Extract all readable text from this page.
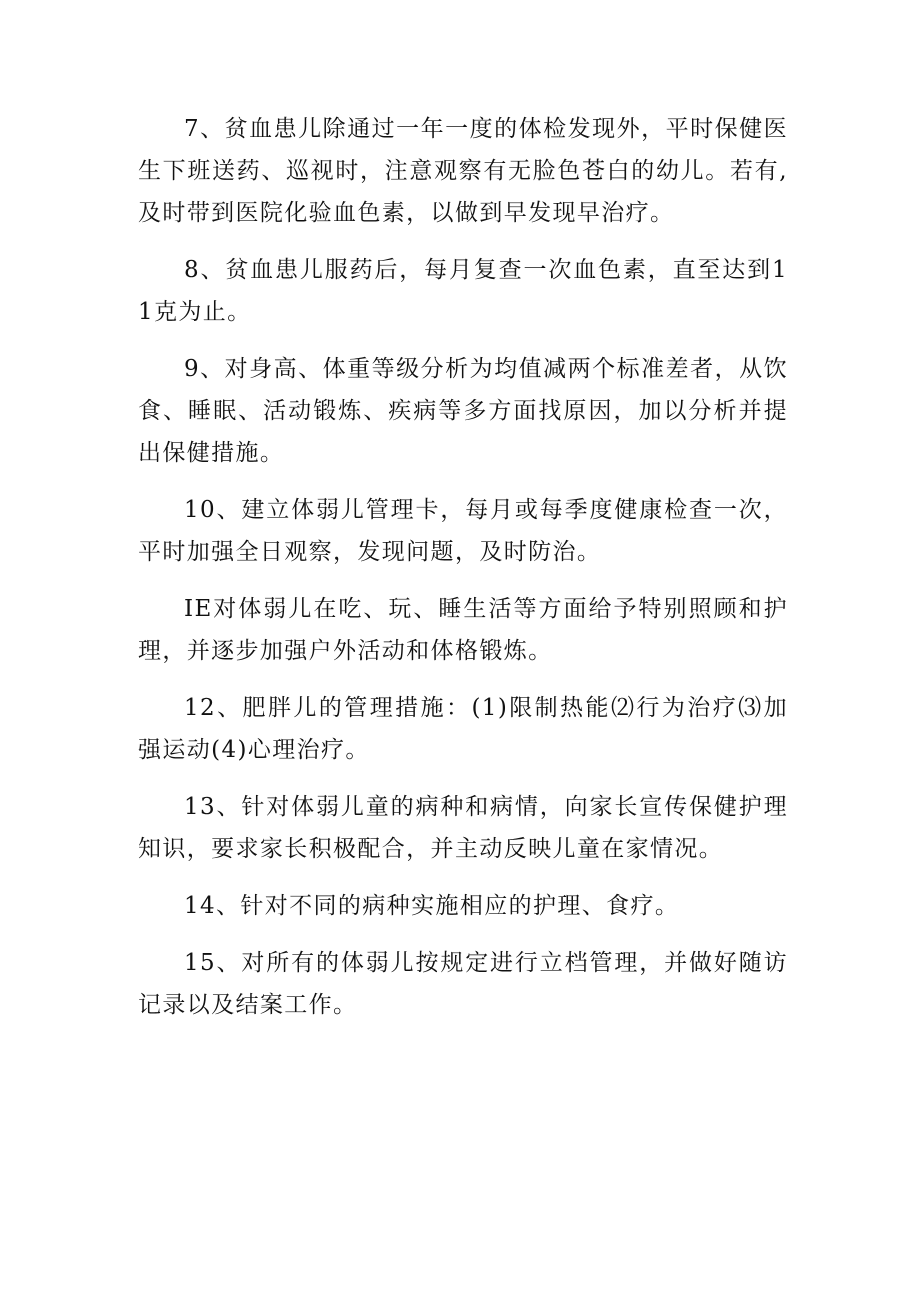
7、贫血患儿除通过一年一度的体检发现外，平时保健医生下班送药、巡视时，注意观察有无脸色苍白的幼儿。若有,及时带到医院化验血色素，以做到早发现早治疗。

8、贫血患儿服药后，每月复查一次血色素，直至达到11克为止。

9、对身高、体重等级分析为均值减两个标准差者，从饮食、睡眠、活动锻炼、疾病等多方面找原因，加以分析并提出保健措施。

10、建立体弱儿管理卡，每月或每季度健康检查一次，平时加强全日观察，发现问题，及时防治。

IE对体弱儿在吃、玩、睡生活等方面给予特别照顾和护理，并逐步加强户外活动和体格锻炼。

12、肥胖儿的管理措施：(1)限制热能⑵行为治疗⑶加强运动(4)心理治疗。

13、针对体弱儿童的病种和病情，向家长宣传保健护理知识，要求家长积极配合，并主动反映儿童在家情况。

14、针对不同的病种实施相应的护理、食疗。

15、对所有的体弱儿按规定进行立档管理，并做好随访记录以及结案工作。
